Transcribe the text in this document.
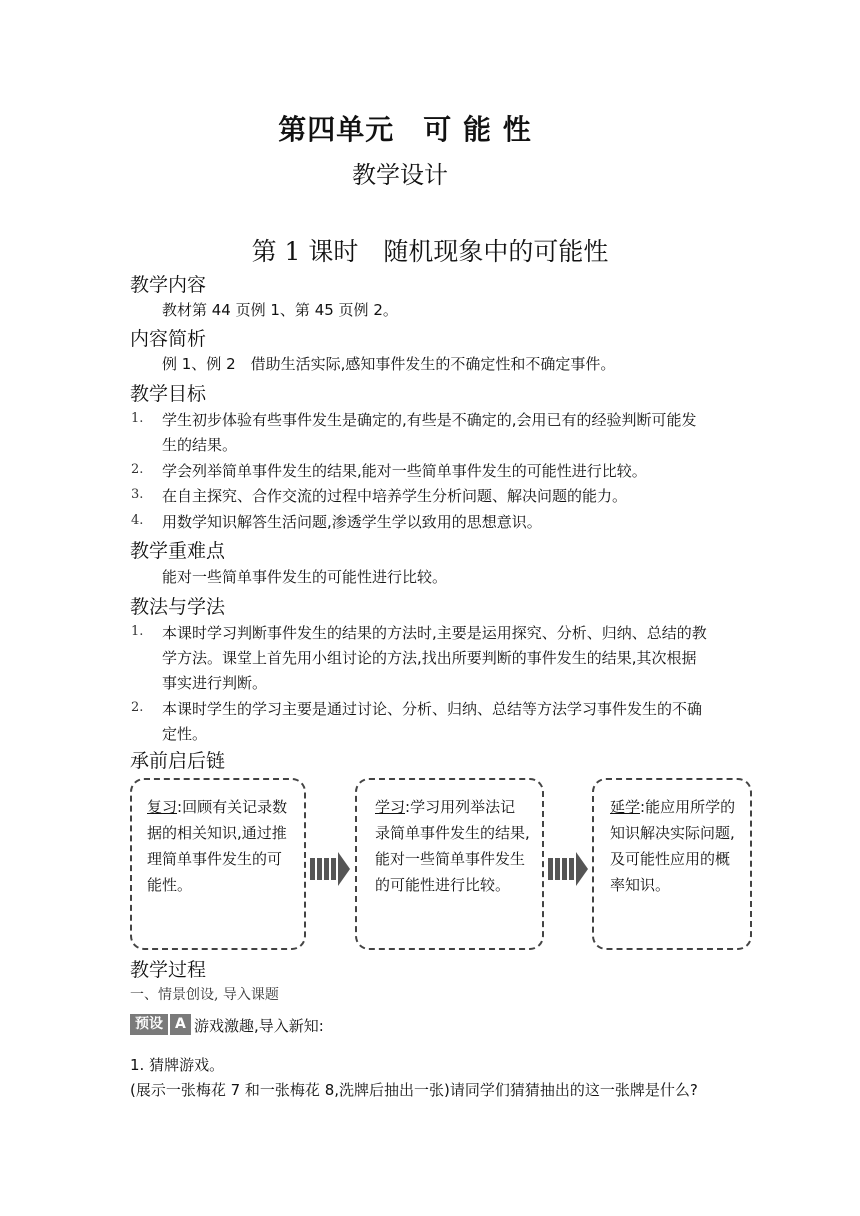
第四单元　可 能 性
教学设计
第 1 课时　随机现象中的可能性
教学内容
教材第 44 页例 1、第 45 页例 2。
内容简析
例 1、例 2　借助生活实际,感知事件发生的不确定性和不确定事件。
教学目标
1. 学生初步体验有些事件发生是确定的,有些是不确定的,会用已有的经验判断可能发
生的结果。
2. 学会列举简单事件发生的结果,能对一些简单事件发生的可能性进行比较。
3. 在自主探究、合作交流的过程中培养学生分析问题、解决问题的能力。
4. 用数学知识解答生活问题,渗透学生学以致用的思想意识。
教学重难点
能对一些简单事件发生的可能性进行比较。
教法与学法
1. 本课时学习判断事件发生的结果的方法时,主要是运用探究、分析、归纳、总结的教
学方法。课堂上首先用小组讨论的方法,找出所要判断的事件发生的结果,其次根据
事实进行判断。
2. 本课时学生的学习主要是通过讨论、分析、归纳、总结等方法学习事件发生的不确
定性。
承前启后链
复习:回顾有关记录数据的相关知识,通过推理简单事件发生的可能性。
学习:学习用列举法记录简单事件发生的结果,能对一些简单事件发生的可能性进行比较。
延学:能应用所学的知识解决实际问题,及可能性应用的概率知识。
教学过程
一、情景创设, 导入课题
预设 A 游戏激趣,导入新知:
1. 猜牌游戏。
(展示一张梅花 7 和一张梅花 8,洗牌后抽出一张)请同学们猜猜抽出的这一张牌是什么?
